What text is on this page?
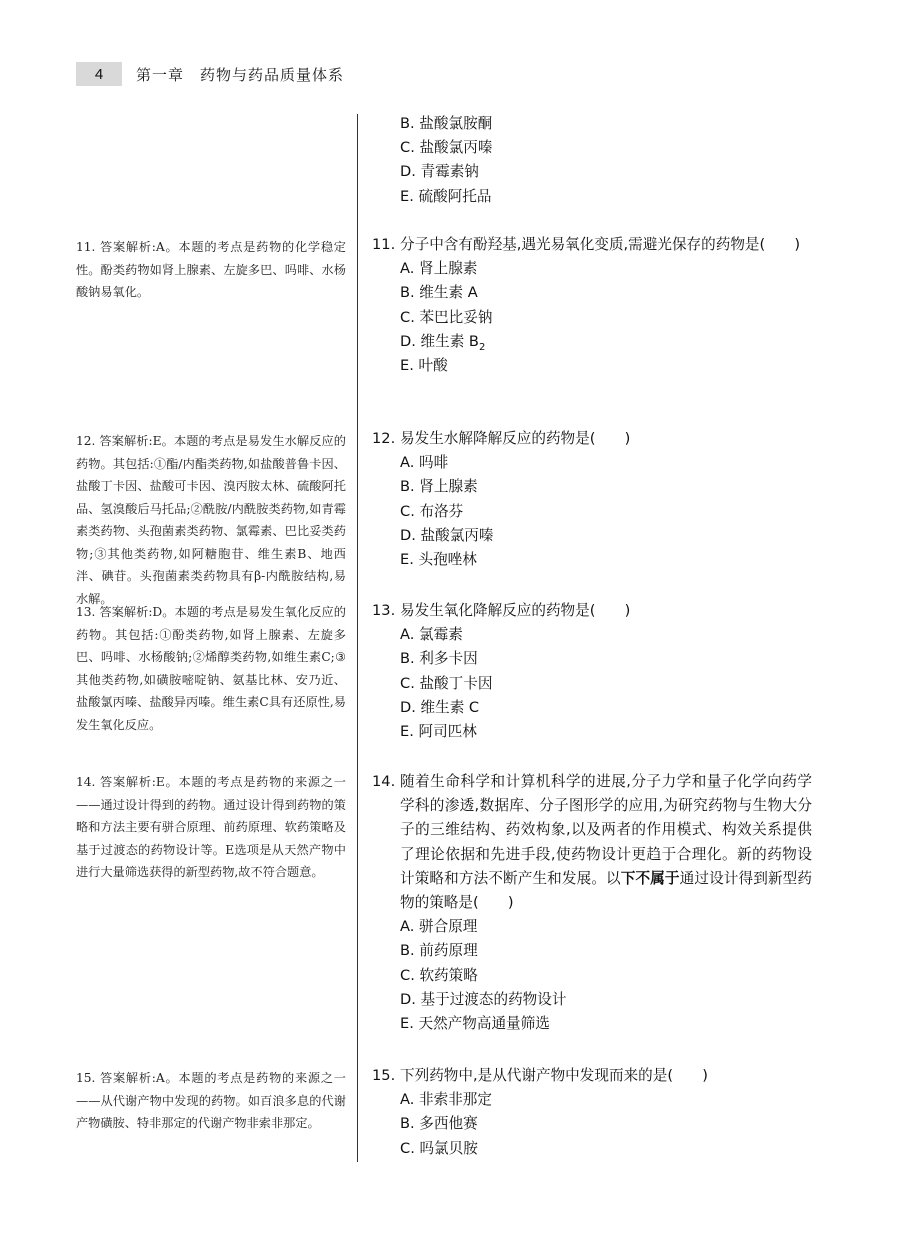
4	第一章　药物与药品质量体系
B. 盐酸氯胺酮
C. 盐酸氯丙嗪
D. 青霉素钠
E. 硫酸阿托品
11. 答案解析:A。本题的考点是药物的化学稳定性。酚类药物如肾上腺素、左旋多巴、吗啡、水杨酸钠易氧化。
12. 答案解析:E。本题的考点是易发生水解反应的药物。其包括:①酯/内酯类药物,如盐酸普鲁卡因、盐酸丁卡因、盐酸可卡因、溴丙胺太林、硫酸阿托品、氢溴酸后马托品;②酰胺/内酰胺类药物,如青霉素类药物、头孢菌素类药物、氯霉素、巴比妥类药物;③其他类药物,如阿糖胞苷、维生素B、地西泮、碘苷。头孢菌素类药物具有β-内酰胺结构,易水解。
13. 答案解析:D。本题的考点是易发生氧化反应的药物。其包括:①酚类药物,如肾上腺素、左旋多巴、吗啡、水杨酸钠;②烯醇类药物,如维生素C;③其他类药物,如磺胺嘧啶钠、氨基比林、安乃近、盐酸氯丙嗪、盐酸异丙嗪。维生素C具有还原性,易发生氧化反应。
14. 答案解析:E。本题的考点是药物的来源之一——通过设计得到的药物。通过设计得到药物的策略和方法主要有骈合原理、前药原理、软药策略及基于过渡态的药物设计等。E选项是从天然产物中进行大量筛选获得的新型药物,故不符合题意。
15. 答案解析:A。本题的考点是药物的来源之一——从代谢产物中发现的药物。如百浪多息的代谢产物磺胺、特非那定的代谢产物非索非那定。
11. 分子中含有酚羟基,遇光易氧化变质,需避光保存的药物是(　　)
A. 肾上腺素
B. 维生素 A
C. 苯巴比妥钠
D. 维生素 $B_2$
E. 叶酸
12. 易发生水解降解反应的药物是(　　)
A. 吗啡
B. 肾上腺素
C. 布洛芬
D. 盐酸氯丙嗪
E. 头孢唑林
13. 易发生氧化降解反应的药物是(　　)
A. 氯霉素
B. 利多卡因
C. 盐酸丁卡因
D. 维生素 C
E. 阿司匹林
14. 随着生命科学和计算机科学的进展,分子力学和量子化学向药学学科的渗透,数据库、分子图形学的应用,为研究药物与生物大分子的三维结构、药效构象,以及两者的作用模式、构效关系提供了理论依据和先进手段,使药物设计更趋于合理化。新的药物设计策略和方法不断产生和发展。以下不属于通过设计得到新型药物的策略是(　　)
A. 骈合原理
B. 前药原理
C. 软药策略
D. 基于过渡态的药物设计
E. 天然产物高通量筛选
15. 下列药物中,是从代谢产物中发现而来的是(　　)
A. 非索非那定
B. 多西他赛
C. 吗氯贝胺
